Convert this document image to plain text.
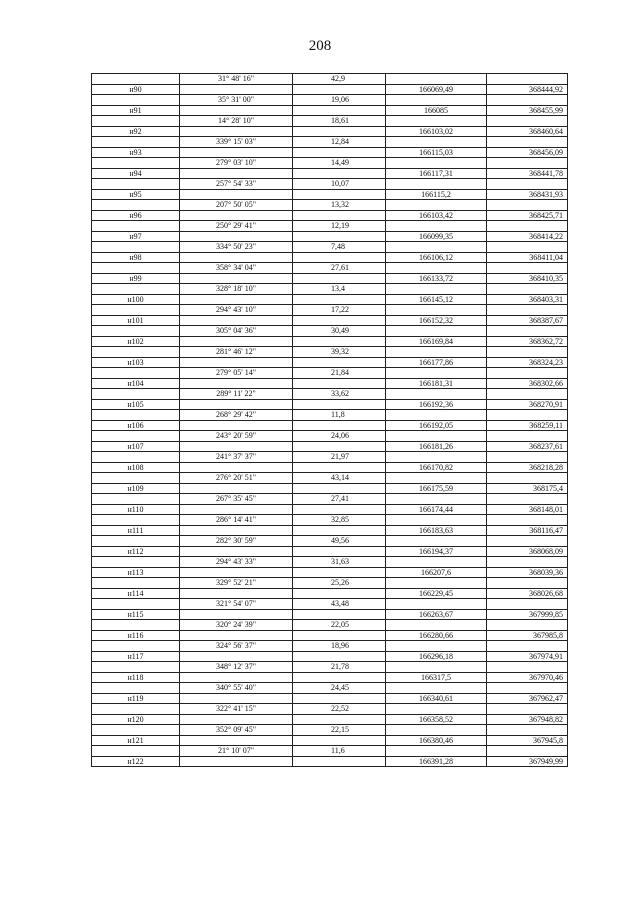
208
	31° 48' 16"	42,9		
н90			166069,49	368444,92
	35° 31' 00"	19,06		
н91			166085	368455,99
	14° 28' 10"	18,61		
н92			166103,02	368460,64
	339° 15' 03"	12,84		
н93			166115,03	368456,09
	279° 03' 10"	14,49		
н94			166117,31	368441,78
	257° 54' 33"	10,07		
н95			166115,2	368431,93
	207° 50' 05"	13,32		
н96			166103,42	368425,71
	250° 29' 41"	12,19		
н97			166099,35	368414,22
	334° 50' 23"	7,48		
н98			166106,12	368411,04
	358° 34' 04"	27,61		
н99			166133,72	368410,35
	328° 18' 10"	13,4		
н100			166145,12	368403,31
	294° 43' 10"	17,22		
н101			166152,32	368387,67
	305° 04' 36"	30,49		
н102			166169,84	368362,72
	281° 46' 12"	39,32		
н103			166177,86	368324,23
	279° 05' 14"	21,84		
н104			166181,31	368302,66
	289° 11' 22"	33,62		
н105			166192,36	368270,91
	268° 29' 42"	11,8		
н106			166192,05	368259,11
	243° 20' 59"	24,06		
н107			166181,26	368237,61
	241° 37' 37"	21,97		
н108			166170,82	368218,28
	276° 20' 51"	43,14		
н109			166175,59	368175,4
	267° 35' 45"	27,41		
н110			166174,44	368148,01
	286° 14' 41"	32,85		
н111			166183,63	368116,47
	282° 30' 59"	49,56		
н112			166194,37	368068,09
	294° 43' 33"	31,63		
н113			166207,6	368039,36
	329° 52' 21"	25,26		
н114			166229,45	368026,68
	321° 54' 07"	43,48		
н115			166263,67	367999,85
	320° 24' 39"	22,05		
н116			166280,66	367985,8
	324° 56' 37"	18,96		
н117			166296,18	367974,91
	348° 12' 37"	21,78		
н118			166317,5	367970,46
	340° 55' 40"	24,45		
н119			166340,61	367962,47
	322° 41' 15"	22,52		
н120			166358,52	367948,82
	352° 09' 45"	22,15		
н121			166380,46	367945,8
	21° 10' 07"	11,6		
н122			166391,28	367949,99
